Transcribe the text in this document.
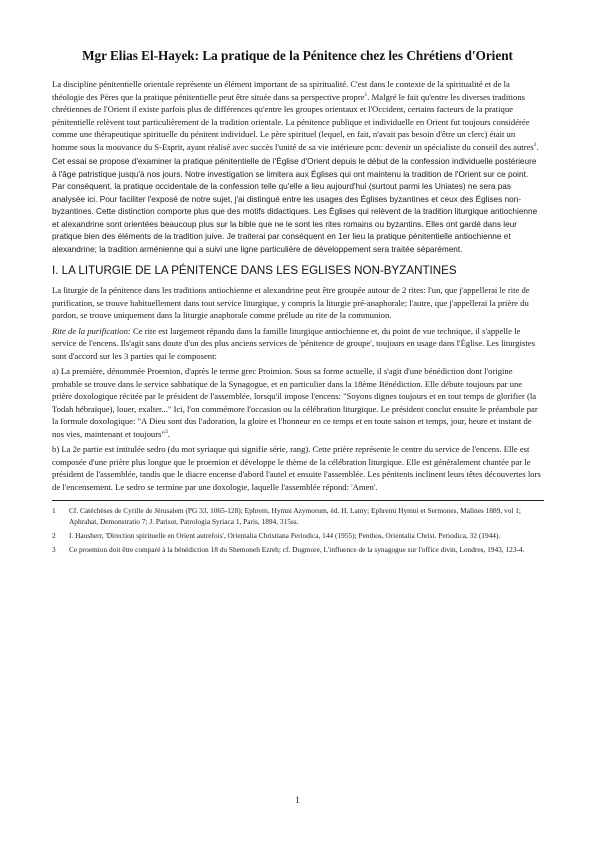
Mgr Elias El-Hayek: La pratique de la Pénitence chez les Chrétiens d'Orient

La discipline pénitentielle orientale représente un élément important de sa spiritualité. C'est dans le contexte de la spiritualité et de la théologie des Pères que la pratique pénitentielle peut être située dans sa perspective propre$^1$. Malgré le fait qu'entre les diverses traditions chrétiennes de l'Orient il existe parfois plus de différences qu'entre les groupes orientaux et l'Occident, certains facteurs de la pratique pénitentielle relèvent tout particulièrement de la tradition orientale. La pénitence publique et individuelle en Orient fut toujours considérée comme une thérapeutique spirituelle du pénitent individuel. Le père spirituel (lequel, en fait, n'avait pas besoin d'être un clerc) était un homme sous la mouvance du S-Esprit, ayant réalisé avec succès l'unité de sa vie intérieure pcm: devenir un spécialiste du conseil des autres$^2$.

Cet essai se propose d'examiner la pratique pénitentielle de l'Église d'Orient depuis le début de la confession individuelle postérieure à l'âge patristique jusqu'à nos jours. Notre investigation se limitera aux Églises qui ont maintenu la tradition de l'Orient sur ce point. Par conséquent, la pratique occidentale de la confession telle qu'elle a lieu aujourd'hui (surtout parmi les Uniates) ne sera pas analysée ici. Pour faciliter l'exposé de notre sujet, j'ai distingué entre les usages des Églises byzantines et ceux des Églises non-byzantines. Cette distinction comporte plus que des motifs didactiques. Les Églises qui relèvent de la tradition liturgique antiochienne et alexandrine sont orientées beaucoup plus sur la bible que ne le sont les rites romains ou byzantins. Elles ont gardé dans leur pratique bien des éléments de la tradition juive. Je traiterai par conséquent en 1er lieu la pratique pénitentielle antiochienne et alexandrine; la tradition arménienne qui a suivi une ligne particulière de développement sera traitée séparément.

I. LA LITURGIE DE LA PÉNITENCE DANS LES EGLISES NON-BYZANTINES

La liturgie de la pénitence dans les traditions antiochienne et alexandrine peut être groupée autour de 2 rites: l'un, que j'appellerai le rite de purification, se trouve habituellement dans tout service liturgique, y compris la liturgie pré-anaphorale; l'autre, que j'appellerai la prière du pardon, se trouve uniquement dans la liturgie anaphorale comme prélude au rite de la communion.

Rite de la purification: Ce rite est largement répandu dans la famille liturgique antiochienne et, du point de vue technique, il s'appelle le service de l'encens. Ils'agit sans doute d'un des plus anciens services de 'pénitence de groupe', toujours en usage dans l'Église. Les liturgistes sont d'accord sur les 3 parties qui le composent:

a) La première, dénommée Proemion, d'après le terme grec Proimion. Sous sa forme actuelle, il s'agit d'une bénédiction dont l'origine probable se trouve dans le service sabbatique de la Synagogue, et en particulier dans la 18ème Bénédiction. Elle débute toujours par une prière doxologique récitée par le président de l'assemblée, lorsqu'il impose l'encens: "Soyons dignes toujours et en tout temps de glorifier (la Todah hébraïque), louer, exalter..." Ici, l'on commémore l'occasion ou la célébration liturgique. Le président conclut ensuite le préambule par la formule doxologique: "A Dieu sont dus l'adoration, la gloire et l'honneur en ce temps et en toute saison et temps, jour, heure et instant de nos vies, maintenant et toujours"$^3$.

b) La 2e partie est intitulée sedro (du mot syriaque qui signifie série, rang). Cette prière représente le centre du service de l'encens. Elle est composée d'une prière plus longue que le proemion et développe le thème de la célébration liturgique. Elle est généralement chantée par le président de l'assemblée, tandis que le diacre encense d'abord l'autel et ensuite l'assemblée. Les pénitents inclinent leurs têtes découvertes lors de l'encensement. Le sedro se termine par une doxologie, laquelle l'assemblée répond: 'Amen'.

1	Cf. Catéchèses de Cyrille de Jérusalem (PG 33, 1065-128); Ephrem, Hymni Azymorum, éd. H. Lamy; Ephremi Hymni et Sermones, Malines 1889, vol 1; Aphrahat, Demonstratio 7; J. Parisot, Patrologia Syriaca 1, Paris, 1894, 315ss.
2	I. Hausherr, 'Direction spirituelle en Orient autrefois', Orientalia Christiana Periodica, 144 (1955); Penthos, Orientalia Christ. Periodica, 32 (1944).
3	Ce proemion doit être comparé à la bénédiction 18 du Shemoneh Ezreh; cf. Dugmore, L'influence de la synagogue sur l'office divin, Londres, 1943, 123-4.
1
